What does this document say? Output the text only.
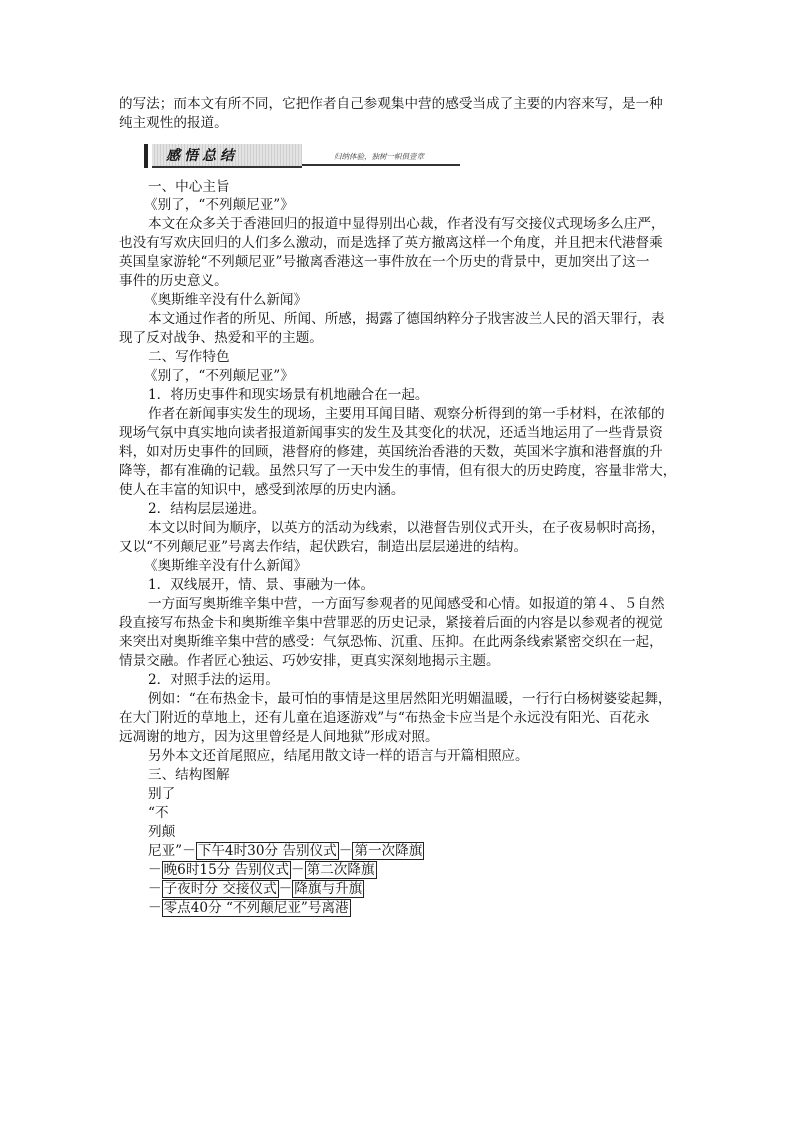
的写法；而本文有所不同，它把作者自己参观集中营的感受当成了主要的内容来写，是一种
纯主观性的报道。
感悟总结	归纳体验，独树一帜俱壹章
一、中心主旨
《别了，“不列颠尼亚”》
本文在众多关于香港回归的报道中显得别出心裁，作者没有写交接仪式现场多么庄严，
也没有写欢庆回归的人们多么激动，而是选择了英方撤离这样一个角度，并且把末代港督乘
英国皇家游轮“不列颠尼亚”号撤离香港这一事件放在一个历史的背景中，更加突出了这一
事件的历史意义。
《奥斯维辛没有什么新闻》
本文通过作者的所见、所闻、所感，揭露了德国纳粹分子戕害波兰人民的滔天罪行，表
现了反对战争、热爱和平的主题。
二、写作特色
《别了，“不列颠尼亚”》
1．将历史事件和现实场景有机地融合在一起。
作者在新闻事实发生的现场，主要用耳闻目睹、观察分析得到的第一手材料，在浓郁的
现场气氛中真实地向读者报道新闻事实的发生及其变化的状况，还适当地运用了一些背景资
料，如对历史事件的回顾，港督府的修建，英国统治香港的天数，英国米字旗和港督旗的升
降等，都有准确的记载。虽然只写了一天中发生的事情，但有很大的历史跨度，容量非常大，
使人在丰富的知识中，感受到浓厚的历史内涵。
2．结构层层递进。
本文以时间为顺序，以英方的活动为线索，以港督告别仪式开头，在子夜易帜时高扬，
又以“不列颠尼亚”号离去作结，起伏跌宕，制造出层层递进的结构。
《奥斯维辛没有什么新闻》
1．双线展开，情、景、事融为一体。
一方面写奥斯维辛集中营，一方面写参观者的见闻感受和心情。如报道的第４、５自然
段直接写布热金卡和奥斯维辛集中营罪恶的历史记录，紧接着后面的内容是以参观者的视觉
来突出对奥斯维辛集中营的感受：气氛恐怖、沉重、压抑。在此两条线索紧密交织在一起，
情景交融。作者匠心独运、巧妙安排，更真实深刻地揭示主题。
2．对照手法的运用。
例如：“在布热金卡，最可怕的事情是这里居然阳光明媚温暖，一行行白杨树婆娑起舞，
在大门附近的草地上，还有儿童在追逐游戏”与“布热金卡应当是个永远没有阳光、百花永
远凋谢的地方，因为这里曾经是人间地狱”形成对照。
另外本文还首尾照应，结尾用散文诗一样的语言与开篇相照应。
三、结构图解
别了
“不
列颠
尼亚”－ 下午4时30分 告别仪式 － 第一次降旗
－ 晚6时15分 告别仪式 － 第二次降旗
－ 子夜时分 交接仪式 － 降旗与升旗
－ 零点40分 “不列颠尼亚”号离港
